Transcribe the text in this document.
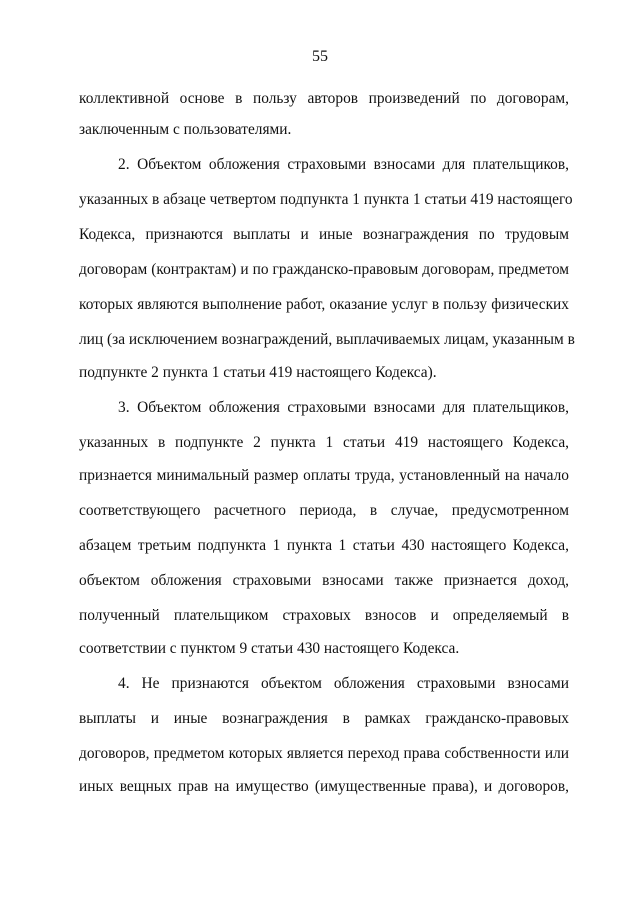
55
коллективной основе в пользу авторов произведений по договорам,
заключенным с пользователями.
2. Объектом обложения страховыми взносами для плательщиков,
указанных в абзаце четвертом подпункта 1 пункта 1 статьи 419 настоящего
Кодекса, признаются выплаты и иные вознаграждения по трудовым
договорам (контрактам) и по гражданско-правовым договорам, предметом
которых являются выполнение работ, оказание услуг в пользу физических
лиц (за исключением вознаграждений, выплачиваемых лицам, указанным в
подпункте 2 пункта 1 статьи 419 настоящего Кодекса).
3. Объектом обложения страховыми взносами для плательщиков,
указанных в подпункте 2 пункта 1 статьи 419 настоящего Кодекса,
признается минимальный размер оплаты труда, установленный на начало
соответствующего расчетного периода, в случае, предусмотренном
абзацем третьим подпункта 1 пункта 1 статьи 430 настоящего Кодекса,
объектом обложения страховыми взносами также признается доход,
полученный плательщиком страховых взносов и определяемый в
соответствии с пунктом 9 статьи 430 настоящего Кодекса.
4. Не признаются объектом обложения страховыми взносами
выплаты и иные вознаграждения в рамках гражданско-правовых
договоров, предметом которых является переход права собственности или
иных вещных прав на имущество (имущественные права), и договоров,
